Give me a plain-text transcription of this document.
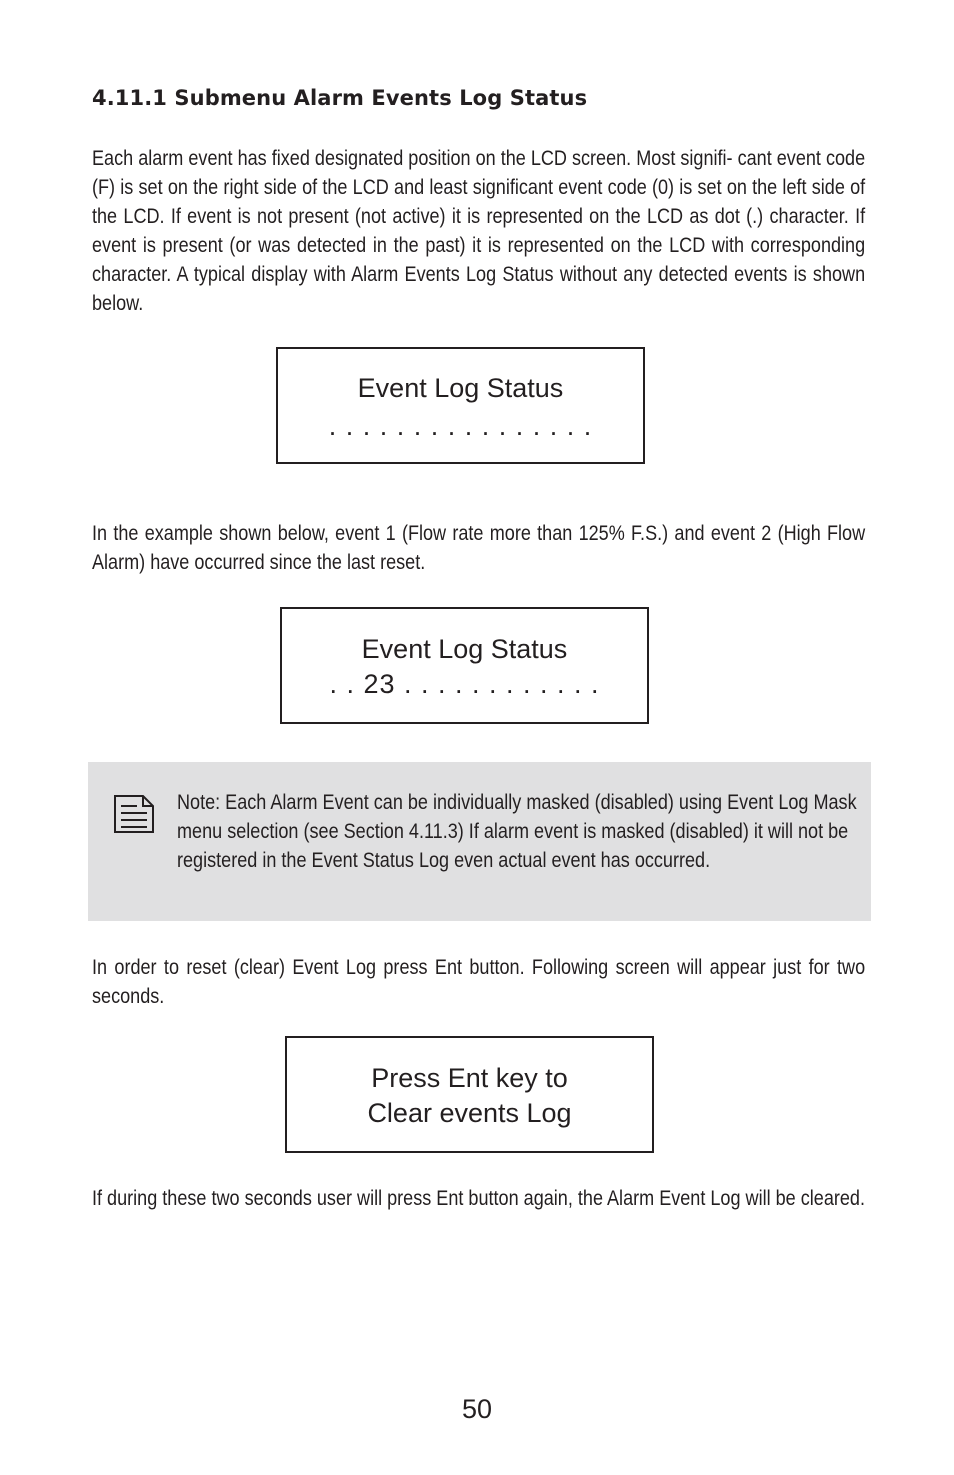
4.11.1 Submenu Alarm Events Log Status

Each alarm event has fixed designated position on the LCD screen. Most signifi- cant event code (F) is set on the right side of the LCD and least significant event code (0) is set on the left side of the LCD. If event is not present (not active) it is represented on the LCD as dot (.) character. If event is present (or was detected in the past) it is represented on the LCD with corresponding character. A typical display with Alarm Events Log Status without any detected events is shown below.

Event Log Status
. . . . . . . . . . . . . . . .

In the example shown below, event 1 (Flow rate more than 125% F.S.) and event 2 (High Flow Alarm) have occurred since the last reset.

Event Log Status
. . 23 . . . . . . . . . . . .

Note: Each Alarm Event can be individually masked (disabled) using Event Log Mask menu selection (see Section 4.11.3) If alarm event is masked (disabled) it will not be registered in the Event Status Log even actual event has occurred.

In order to reset (clear) Event Log press Ent button. Following screen will appear just for two seconds.

Press Ent key to
Clear events Log

If during these two seconds user will press Ent button again, the Alarm Event Log will be cleared.

50
